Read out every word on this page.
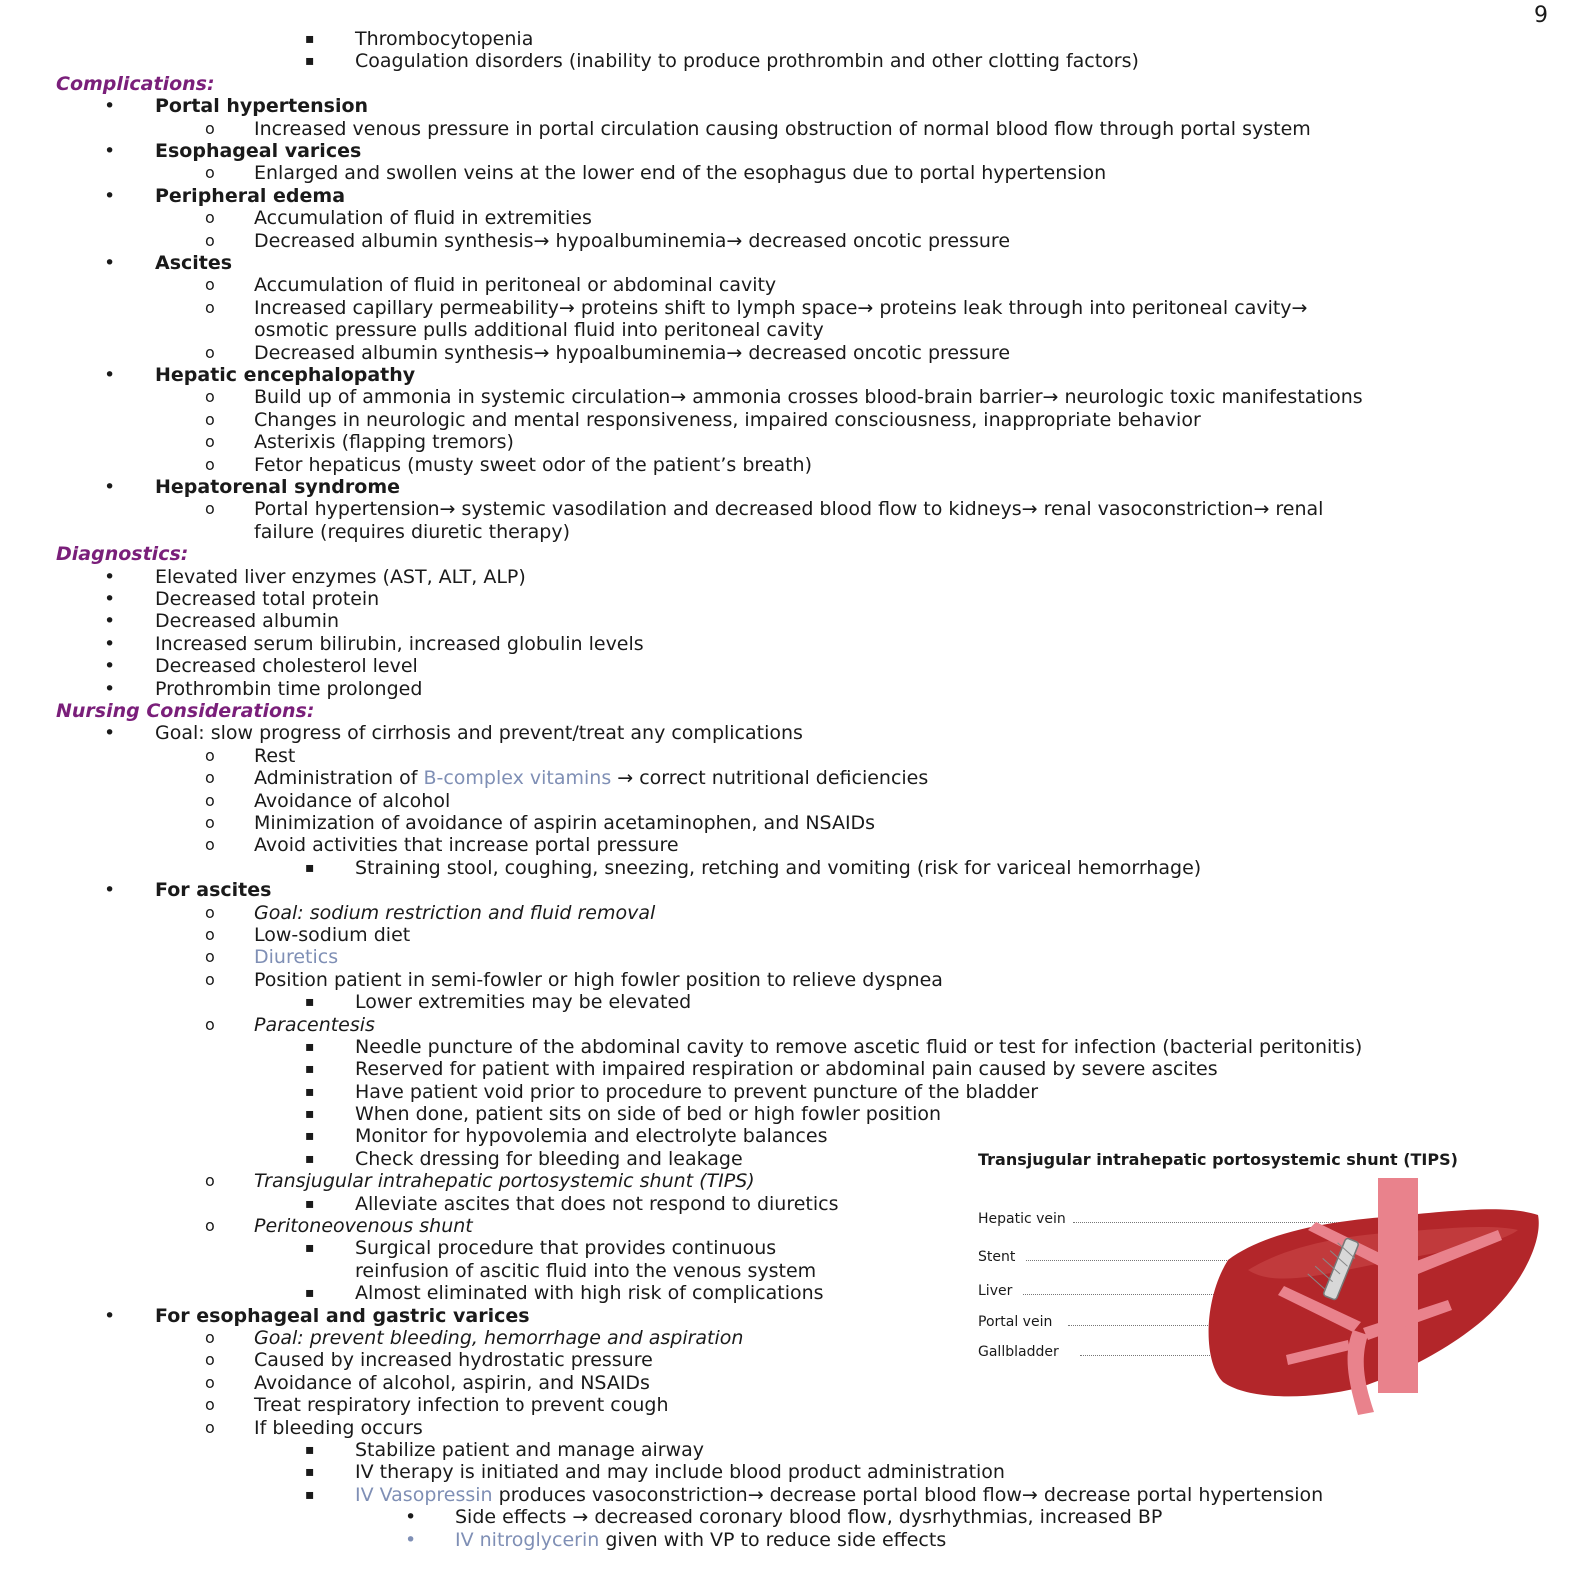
9
▪ Thrombocytopenia
▪ Coagulation disorders (inability to produce prothrombin and other clotting factors)
Complications:
• Portal hypertension
o Increased venous pressure in portal circulation causing obstruction of normal blood flow through portal system
• Esophageal varices
o Enlarged and swollen veins at the lower end of the esophagus due to portal hypertension
• Peripheral edema
o Accumulation of fluid in extremities
o Decreased albumin synthesis→ hypoalbuminemia→ decreased oncotic pressure
• Ascites
o Accumulation of fluid in peritoneal or abdominal cavity
o Increased capillary permeability→ proteins shift to lymph space→ proteins leak through into peritoneal cavity→
osmotic pressure pulls additional fluid into peritoneal cavity
o Decreased albumin synthesis→ hypoalbuminemia→ decreased oncotic pressure
• Hepatic encephalopathy
o Build up of ammonia in systemic circulation→ ammonia crosses blood-brain barrier→ neurologic toxic manifestations
o Changes in neurologic and mental responsiveness, impaired consciousness, inappropriate behavior
o Asterixis (flapping tremors)
o Fetor hepaticus (musty sweet odor of the patient’s breath)
• Hepatorenal syndrome
o Portal hypertension→ systemic vasodilation and decreased blood flow to kidneys→ renal vasoconstriction→ renal
failure (requires diuretic therapy)
Diagnostics:
• Elevated liver enzymes (AST, ALT, ALP)
• Decreased total protein
• Decreased albumin
• Increased serum bilirubin, increased globulin levels
• Decreased cholesterol level
• Prothrombin time prolonged
Nursing Considerations:
• Goal: slow progress of cirrhosis and prevent/treat any complications
o Rest
o Administration of B-complex vitamins → correct nutritional deficiencies
o Avoidance of alcohol
o Minimization of avoidance of aspirin acetaminophen, and NSAIDs
o Avoid activities that increase portal pressure
▪ Straining stool, coughing, sneezing, retching and vomiting (risk for variceal hemorrhage)
• For ascites
o Goal: sodium restriction and fluid removal
o Low-sodium diet
o Diuretics
o Position patient in semi-fowler or high fowler position to relieve dyspnea
▪ Lower extremities may be elevated
o Paracentesis
▪ Needle puncture of the abdominal cavity to remove ascetic fluid or test for infection (bacterial peritonitis)
▪ Reserved for patient with impaired respiration or abdominal pain caused by severe ascites
▪ Have patient void prior to procedure to prevent puncture of the bladder
▪ When done, patient sits on side of bed or high fowler position
▪ Monitor for hypovolemia and electrolyte balances
▪ Check dressing for bleeding and leakage
o Transjugular intrahepatic portosystemic shunt (TIPS)
▪ Alleviate ascites that does not respond to diuretics
o Peritoneovenous shunt
▪ Surgical procedure that provides continuous
reinfusion of ascitic fluid into the venous system
▪ Almost eliminated with high risk of complications
• For esophageal and gastric varices
o Goal: prevent bleeding, hemorrhage and aspiration
o Caused by increased hydrostatic pressure
o Avoidance of alcohol, aspirin, and NSAIDs
o Treat respiratory infection to prevent cough
o If bleeding occurs
▪ Stabilize patient and manage airway
▪ IV therapy is initiated and may include blood product administration
▪ IV Vasopressin produces vasoconstriction→ decrease portal blood flow→ decrease portal hypertension
• Side effects → decreased coronary blood flow, dysrhythmias, increased BP
• IV nitroglycerin given with VP to reduce side effects
Transjugular intrahepatic portosystemic shunt (TIPS)
Hepatic vein
Stent
Liver
Portal vein
Gallbladder
